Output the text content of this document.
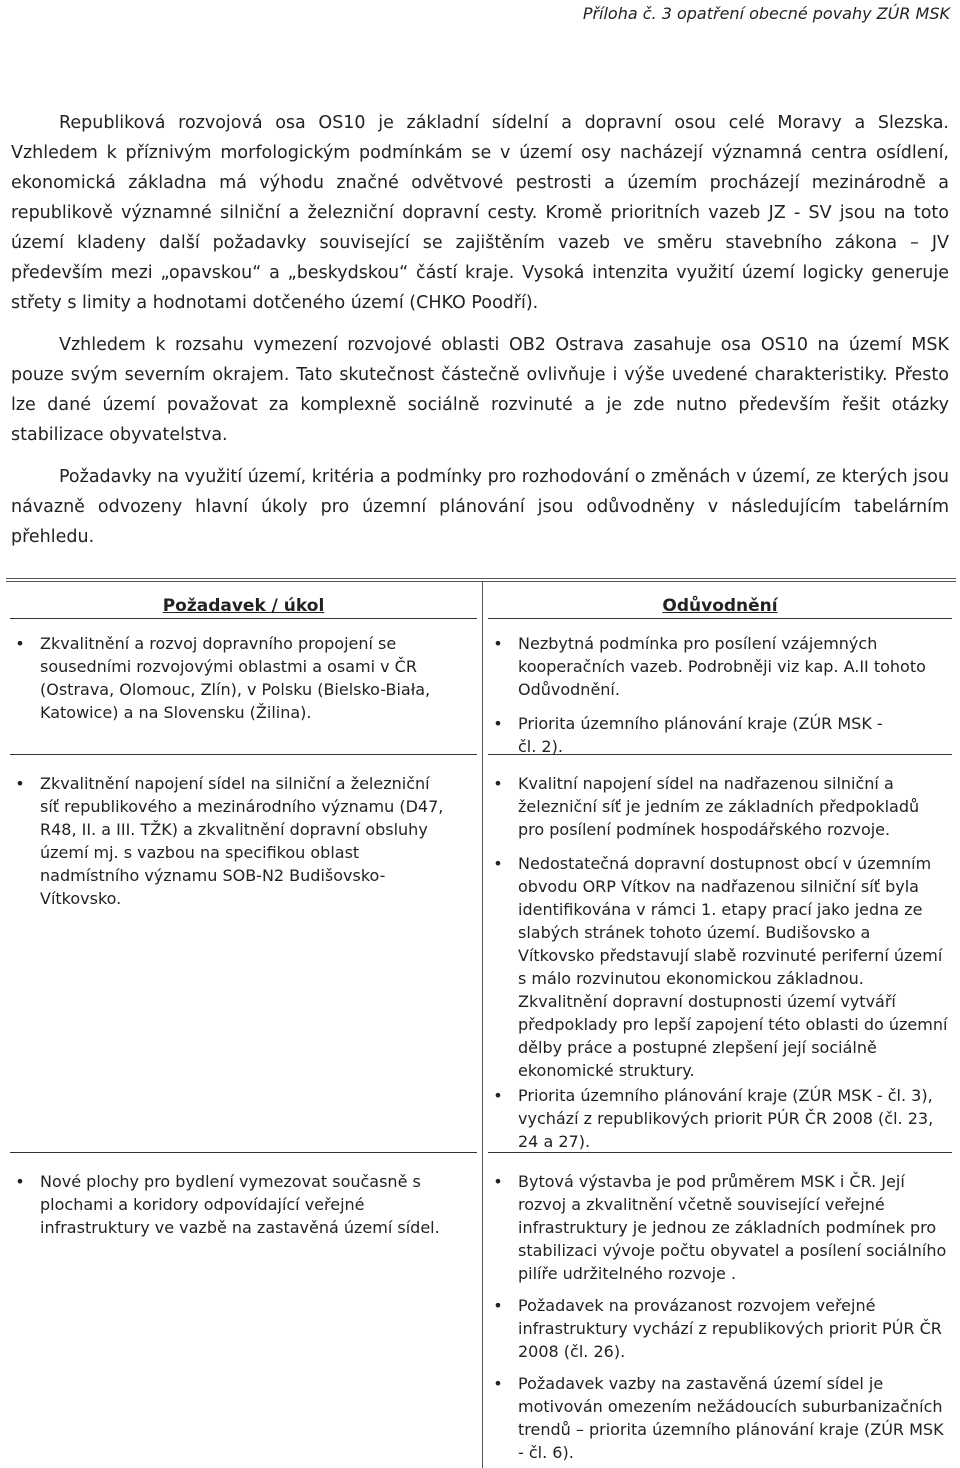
Příloha č. 3 opatření obecné povahy ZÚR MSK

Republiková rozvojová osa OS10 je základní sídelní a dopravní osou celé Moravy a Slezska. Vzhledem k příznivým morfologickým podmínkám se v území osy nacházejí významná centra osídlení, ekonomická základna má výhodu značné odvětvové pestrosti a územím procházejí mezinárodně a republikově významné silniční a železniční dopravní cesty. Kromě prioritních vazeb JZ - SV jsou na toto území kladeny další požadavky související se zajištěním vazeb ve směru stavebního zákona – JV především mezi „opavskou“ a „beskydskou“ částí kraje. Vysoká intenzita využití území logicky generuje střety s limity a hodnotami dotčeného území (CHKO Poodří).

Vzhledem k rozsahu vymezení rozvojové oblasti OB2 Ostrava zasahuje osa OS10 na území MSK pouze svým severním okrajem. Tato skutečnost částečně ovlivňuje i výše uvedené charakteristiky. Přesto lze dané území považovat za komplexně sociálně rozvinuté a je zde nutno především řešit otázky stabilizace obyvatelstva.

Požadavky na využití území, kritéria a podmínky pro rozhodování o změnách v území, ze kterých jsou návazně odvozeny hlavní úkoly pro územní plánování jsou odůvodněny v následujícím tabelárním přehledu.

Požadavek / úkol
• Zkvalitnění a rozvoj dopravního propojení se sousedními rozvojovými oblastmi a osami v ČR (Ostrava, Olomouc, Zlín), v Polsku (Bielsko-Biała, Katowice) a na Slovensku (Žilina).
• Zkvalitnění napojení sídel na silniční a železniční síť republikového a mezinárodního významu (D47, R48, II. a III. TŽK) a zkvalitnění dopravní obsluhy území mj. s vazbou na specifikou oblast nadmístního významu SOB-N2 Budišovsko-Vítkovsko.
• Nové plochy pro bydlení vymezovat současně s plochami a koridory odpovídající veřejné infrastruktury ve vazbě na zastavěná území sídel.
Odůvodnění
• Nezbytná podmínka pro posílení vzájemných kooperačních vazeb. Podrobněji viz kap. A.II tohoto Odůvodnění.
• Priorita územního plánování kraje (ZÚR MSK - čl. 2).
• Kvalitní napojení sídel na nadřazenou silniční a železniční síť je jedním ze základních předpokladů pro posílení podmínek hospodářského rozvoje.
• Nedostatečná dopravní dostupnost obcí v územním obvodu ORP Vítkov na nadřazenou silniční síť byla identifikována v rámci 1. etapy prací jako jedna ze slabých stránek tohoto území. Budišovsko a Vítkovsko představují slabě rozvinuté periferní území s málo rozvinutou ekonomickou základnou. Zkvalitnění dopravní dostupnosti území vytváří předpoklady pro lepší zapojení této oblasti do územní dělby práce a postupné zlepšení její sociálně ekonomické struktury.
• Priorita územního plánování kraje (ZÚR MSK - čl. 3), vychází z republikových priorit PÚR ČR 2008 (čl. 23, 24 a 27).
• Bytová výstavba je pod průměrem MSK i ČR. Její rozvoj a zkvalitnění včetně související veřejné infrastruktury je jednou ze základních podmínek pro stabilizaci vývoje počtu obyvatel a posílení sociálního pilíře udržitelného rozvoje .
• Požadavek na provázanost rozvojem veřejné infrastruktury vychází z republikových priorit PÚR ČR 2008 (čl. 26).
• Požadavek vazby na zastavěná území sídel je motivován omezením nežádoucích suburbanizačních trendů – priorita územního plánování kraje (ZÚR MSK - čl. 6).
